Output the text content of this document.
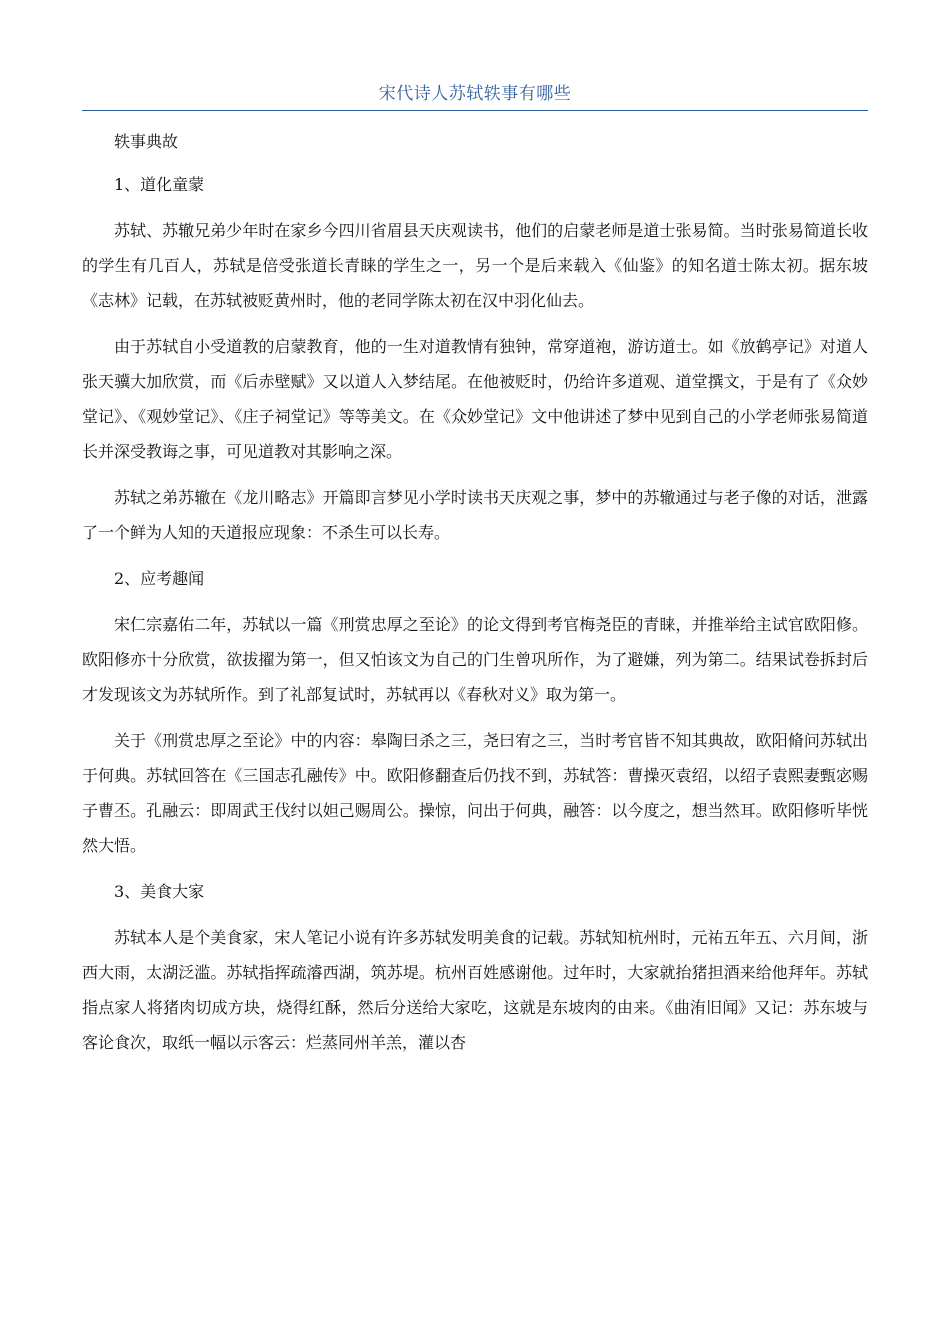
宋代诗人苏轼轶事有哪些

轶事典故

1、道化童蒙

苏轼、苏辙兄弟少年时在家乡今四川省眉县天庆观读书，他们的启蒙老师是道士张易简。当时张易简道长收的学生有几百人，苏轼是倍受张道长青睐的学生之一，另一个是后来载入《仙鉴》的知名道士陈太初。据东坡《志林》记载，在苏轼被贬黄州时，他的老同学陈太初在汉中羽化仙去。

由于苏轼自小受道教的启蒙教育，他的一生对道教情有独钟，常穿道袍，游访道士。如《放鹤亭记》对道人张天骥大加欣赏，而《后赤壁赋》又以道人入梦结尾。在他被贬时，仍给许多道观、道堂撰文，于是有了《众妙堂记》、《观妙堂记》、《庄子祠堂记》等等美文。在《众妙堂记》文中他讲述了梦中见到自己的小学老师张易简道长并深受教诲之事，可见道教对其影响之深。

苏轼之弟苏辙在《龙川略志》开篇即言梦见小学时读书天庆观之事，梦中的苏辙通过与老子像的对话，泄露了一个鲜为人知的天道报应现象：不杀生可以长寿。

2、应考趣闻

宋仁宗嘉佑二年，苏轼以一篇《刑赏忠厚之至论》的论文得到考官梅尧臣的青睐，并推举给主试官欧阳修。欧阳修亦十分欣赏，欲拔擢为第一，但又怕该文为自己的门生曾巩所作，为了避嫌，列为第二。结果试卷拆封后才发现该文为苏轼所作。到了礼部复试时，苏轼再以《春秋对义》取为第一。

关于《刑赏忠厚之至论》中的内容：皋陶曰杀之三，尧曰宥之三，当时考官皆不知其典故，欧阳脩问苏轼出于何典。苏轼回答在《三国志孔融传》中。欧阳修翻查后仍找不到，苏轼答：曹操灭袁绍，以绍子袁熙妻甄宓赐子曹丕。孔融云：即周武王伐纣以妲己赐周公。操惊，问出于何典，融答：以今度之，想当然耳。欧阳修听毕恍然大悟。

3、美食大家

苏轼本人是个美食家，宋人笔记小说有许多苏轼发明美食的记载。苏轼知杭州时，元祐五年五、六月间，浙西大雨，太湖泛滥。苏轼指挥疏濬西湖，筑苏堤。杭州百姓感谢他。过年时，大家就抬猪担酒来给他拜年。苏轼指点家人将猪肉切成方块，烧得红酥，然后分送给大家吃，这就是东坡肉的由来。《曲洧旧闻》又记：苏东坡与客论食次，取纸一幅以示客云：烂蒸同州羊羔，灌以杏
